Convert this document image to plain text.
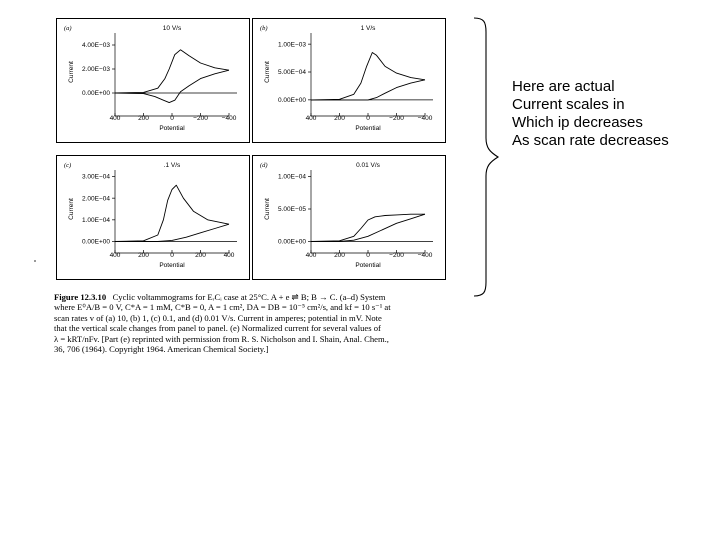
(a)	10 V/s
4.00E−03
2.00E−03
0.00E+00
400	200	0	−200 −400
Potential
Current
(b)	1 V/s
1.00E−03
5.00E−04
0.00E+00
400	200	0	−200 −400
Potential
Current
(c)	.1 V/s
3.00E−04
2.00E−04
1.00E−04
0.00E+00
400	200	0	200	400
Potential
Current
(d)	0.01 V/s
1.00E−04
5.00E−05
0.00E+00
400	200	0	−200 −400
Potential
Current

Figure 12.3.10 Cyclic voltammograms for EᵣCᵢ case at 25°C. A + e ⇌ B; B → C. (a–d) System

where E⁰A/B = 0 V, C*A = 1 mM, C*B = 0, A = 1 cm², DA = DB = 10⁻⁵ cm²/s, and kf = 10 s⁻¹ at

scan rates v of (a) 10, (b) 1, (c) 0.1, and (d) 0.01 V/s. Current in amperes; potential in mV. Note

that the vertical scale changes from panel to panel. (e) Normalized current for several values of

λ = kRT/nFv. [Part (e) reprinted with permission from R. S. Nicholson and I. Shain, Anal. Chem.,

36, 706 (1964). Copyright 1964. American Chemical Society.]

Here are actual
Current scales in
Which ip decreases
As scan rate decreases
